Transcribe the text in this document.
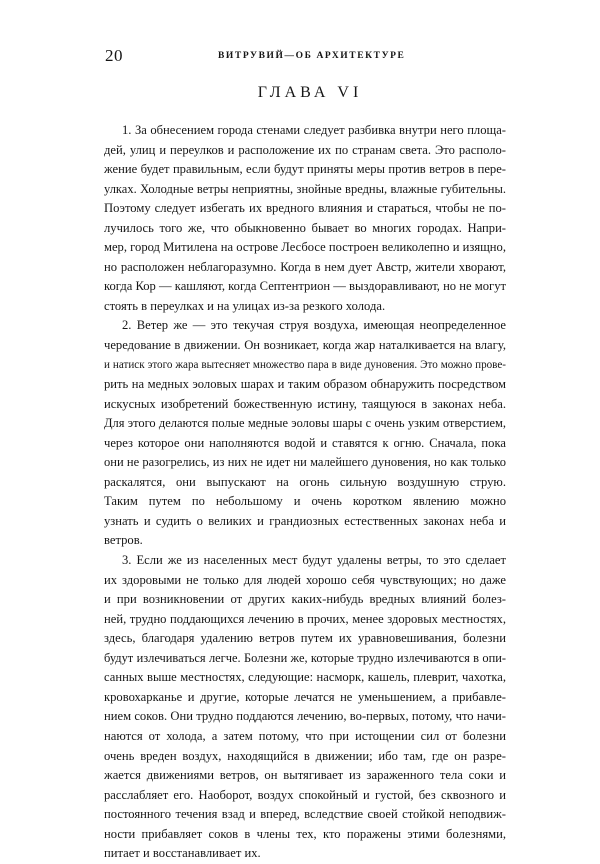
20	ВИТРУВИЙ—ОБ АРХИТЕКТУРЕ
ГЛАВА VI
1. За обнесением города стенами следует разбивка внутри него площа-
дей, улиц и переулков и расположение их по странам света. Это располо-
жение будет правильным, если будут приняты меры против ветров в пере-
улках. Холодные ветры неприятны, знойные вредны, влажные губительны.
Поэтому следует избегать их вредного влияния и стараться, чтобы не по-
лучилось того же, что обыкновенно бывает во многих городах. Напри-
мер, город Митилена на острове Лесбосе построен великолепно и изящно,
но расположен неблагоразумно. Когда в нем дует Австр, жители хворают,
когда Кор — кашляют, когда Септентрион — выздоравливают, но не могут
стоять в переулках и на улицах из-за резкого холода.
2. Ветер же — это текучая струя воздуха, имеющая неопределенное
чередование в движении. Он возникает, когда жар наталкивается на влагу,
и натиск этого жара вытесняет множество пара в виде дуновения. Это можно прове-
рить на медных эоловых шарах и таким образом обнаружить посредством
искусных изобретений божественную истину, таящуюся в законах неба.
Для этого делаются полые медные эоловы шары с очень узким отверстием,
через которое они наполняются водой и ставятся к огню. Сначала, пока
они не разогрелись, из них не идет ни малейшего дуновения, но как только
раскалятся, они выпускают на огонь сильную воздушную струю.
Таким путем по небольшому и очень коротком явлению можно
узнать и судить о великих и грандиозных естественных законах неба и
ветров.
3. Если же из населенных мест будут удалены ветры, то это сделает
их здоровыми не только для людей хорошо себя чувствующих; но даже
и при возникновении от других каких-нибудь вредных влияний болез-
ней, трудно поддающихся лечению в прочих, менее здоровых местностях,
здесь, благодаря удалению ветров путем их уравновешивания, болезни
будут излечиваться легче. Болезни же, которые трудно излечиваются в опи-
санных выше местностях, следующие: насморк, кашель, плеврит, чахотка,
кровохарканье и другие, которые лечатся не уменьшением, а прибавле-
нием соков. Они трудно поддаются лечению, во-первых, потому, что начи-
наются от холода, а затем потому, что при истощении сил от болезни
очень вреден воздух, находящийся в движении; ибо там, где он разре-
жается движениями ветров, он вытягивает из зараженного тела соки и
расслабляет его. Наоборот, воздух спокойный и густой, без сквозного и
постоянного течения взад и вперед, вследствие своей стойкой неподвиж-
ности прибавляет соков в члены тех, кто поражены этими болезнями,
питает и восстанавливает их.
